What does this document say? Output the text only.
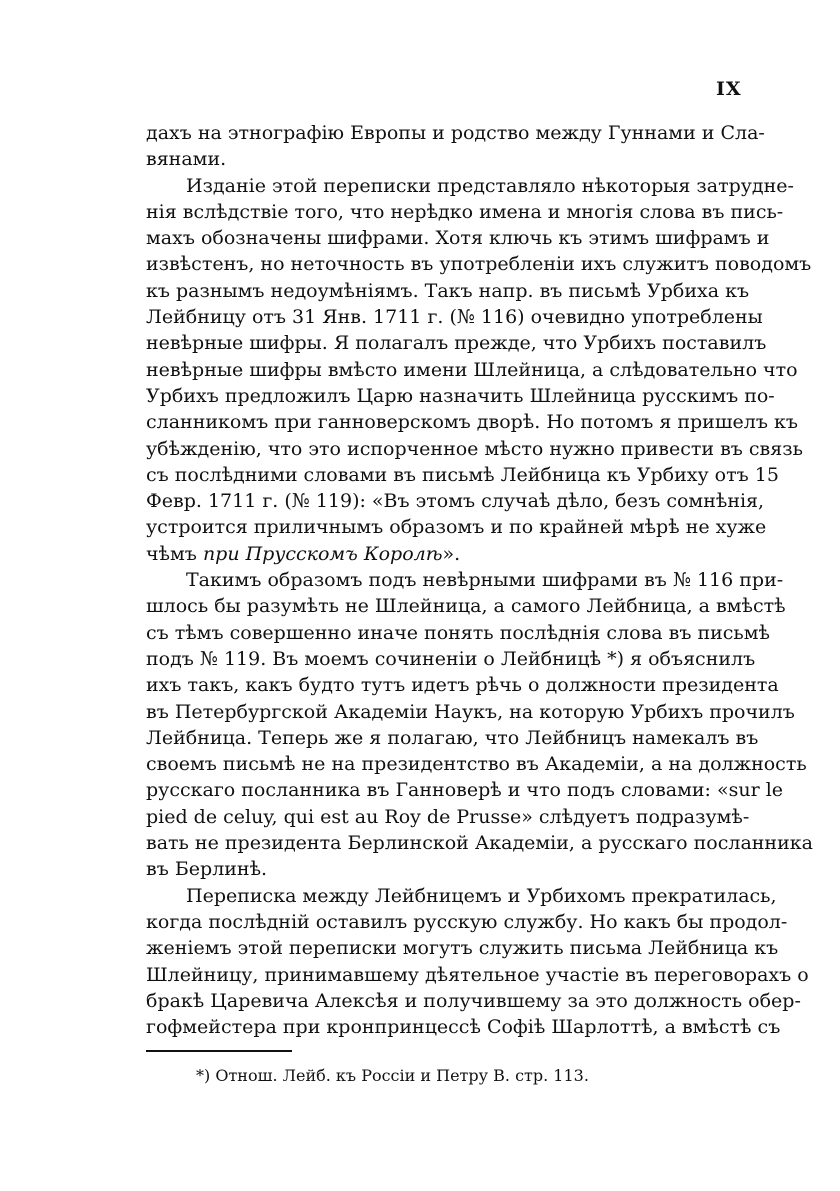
IX
дахъ на этнографію Европы и родство между Гуннами и Сла-
вянами.
Изданіе этой переписки представляло нѣкоторыя затрудне-
нія вслѣдствіе того, что нерѣдко имена и многія слова въ пись-
махъ обозначены шифрами. Хотя ключь къ этимъ шифрамъ и
извѣстенъ, но неточность въ употребленіи ихъ служитъ поводомъ
къ разнымъ недоумѣніямъ. Такъ напр. въ письмѣ Урбиха къ
Лейбницу отъ 31 Янв. 1711 г. (№ 116) очевидно употреблены
невѣрные шифры. Я полагалъ прежде, что Урбихъ поставилъ
невѣрные шифры вмѣсто имени Шлейница, а слѣдовательно что
Урбихъ предложилъ Царю назначить Шлейница русскимъ по-
сланникомъ при ганноверскомъ дворѣ. Но потомъ я пришелъ къ
убѣжденію, что это испорченное мѣсто нужно привести въ связь
съ послѣдними словами въ письмѣ Лейбница къ Урбиху отъ 15
Февр. 1711 г. (№ 119): «Въ этомъ случаѣ дѣло, безъ сомнѣнія,
устроится приличнымъ образомъ и по крайней мѣрѣ не хуже
чѣмъ при Прусскомъ Королѣ».
Такимъ образомъ подъ невѣрными шифрами въ № 116 при-
шлось бы разумѣть не Шлейница, а самого Лейбница, а вмѣстѣ
съ тѣмъ совершенно иначе понять послѣднія слова въ письмѣ
подъ № 119. Въ моемъ сочиненіи о Лейбницѣ *) я объяснилъ
ихъ такъ, какъ будто тутъ идетъ рѣчь о должности президента
въ Петербургской Академіи Наукъ, на которую Урбихъ прочилъ
Лейбница. Теперь же я полагаю, что Лейбницъ намекалъ въ
своемъ письмѣ не на президентство въ Академіи, а на должность
русскаго посланника въ Ганноверѣ и что подъ словами: «sur le
pied de celuy, qui est au Roy de Prusse» слѣдуетъ подразумѣ-
вать не президента Берлинской Академіи, а русскаго посланника
въ Берлинѣ.
Переписка между Лейбницемъ и Урбихомъ прекратилась,
когда послѣдній оставилъ русскую службу. Но какъ бы продол-
женіемъ этой переписки могутъ служить письма Лейбница къ
Шлейницу, принимавшему дѣятельное участіе въ переговорахъ о
бракѣ Царевича Алексѣя и получившему за это должность обер-
гофмейстера при кронпринцессѣ Софіѣ Шарлоттѣ, а вмѣстѣ съ
*) Отнош. Лейб. къ Россіи и Петру В. стр. 113.
